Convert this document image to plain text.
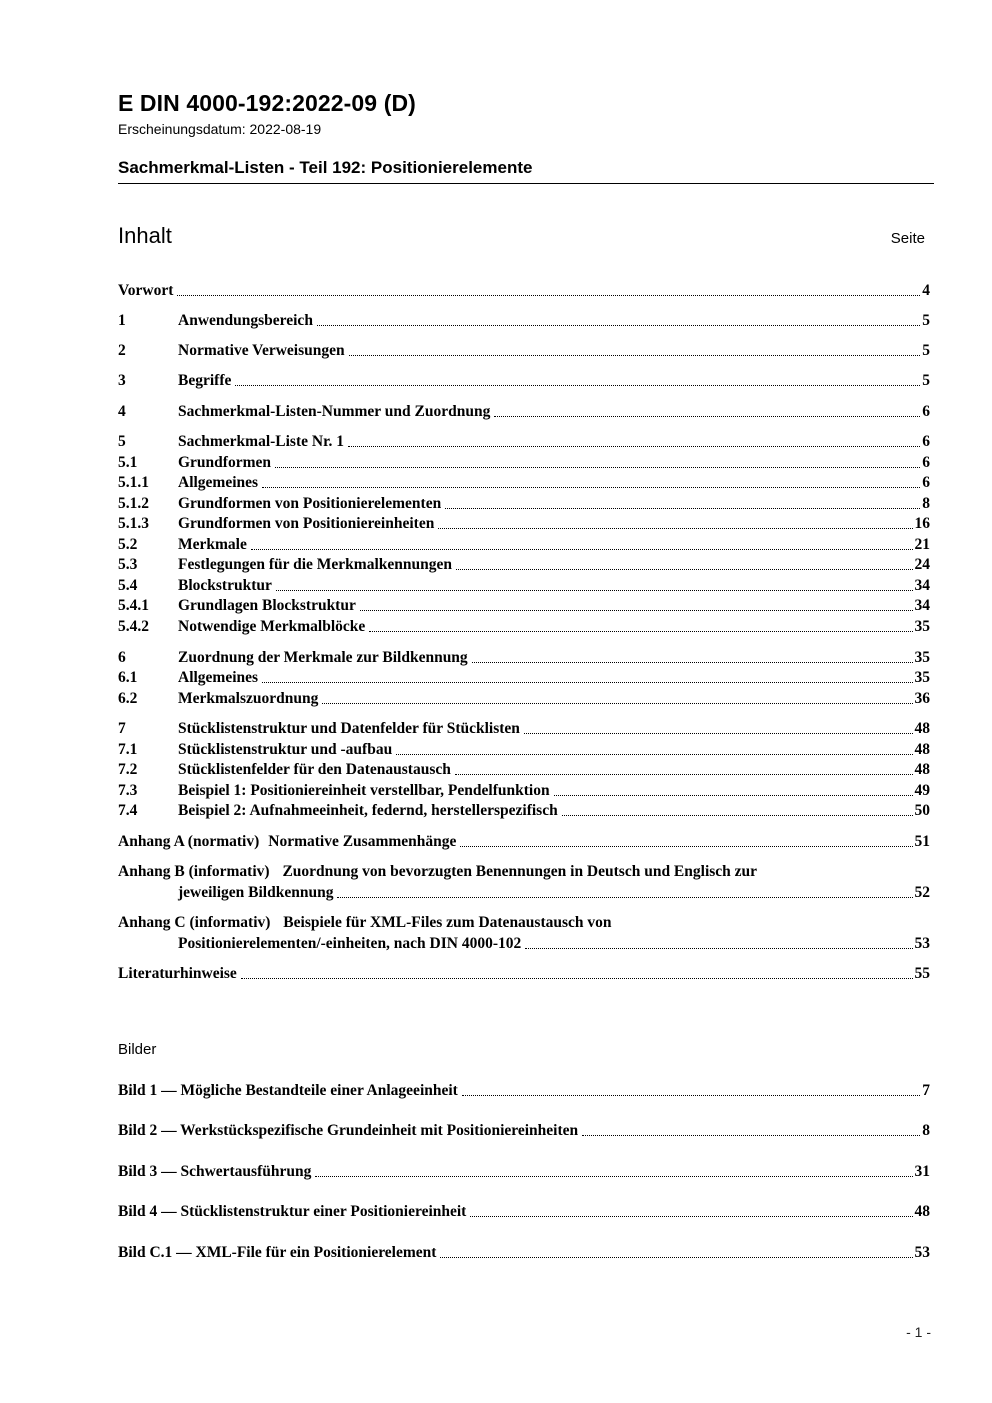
E DIN 4000-192:2022-09 (D)
Erscheinungsdatum: 2022-08-19
Sachmerkmal-Listen - Teil 192: Positionierelemente
Inhalt	Seite
Vorwort	4
1	Anwendungsbereich	5
2	Normative Verweisungen	5
3	Begriffe	5
4	Sachmerkmal-Listen-Nummer und Zuordnung	6
5	Sachmerkmal-Liste Nr. 1	6
5.1	Grundformen	6
5.1.1	Allgemeines	6
5.1.2	Grundformen von Positionierelementen	8
5.1.3	Grundformen von Positioniereinheiten	16
5.2	Merkmale	21
5.3	Festlegungen für die Merkmalkennungen	24
5.4	Blockstruktur	34
5.4.1	Grundlagen Blockstruktur	34
5.4.2	Notwendige Merkmalblöcke	35
6	Zuordnung der Merkmale zur Bildkennung	35
6.1	Allgemeines	35
6.2	Merkmalszuordnung	36
7	Stücklistenstruktur und Datenfelder für Stücklisten	48
7.1	Stücklistenstruktur und -aufbau	48
7.2	Stücklistenfelder für den Datenaustausch	48
7.3	Beispiel 1: Positioniereinheit verstellbar, Pendelfunktion	49
7.4	Beispiel 2: Aufnahmeeinheit, federnd, herstellerspezifisch	50
Anhang A (normativ) Normative Zusammenhänge	51
Anhang B (informativ) Zuordnung von bevorzugten Benennungen in Deutsch und Englisch zur
jeweiligen Bildkennung	52
Anhang C (informativ) Beispiele für XML-Files zum Datenaustausch von
Positionierelementen/-einheiten, nach DIN 4000-102	53
Literaturhinweise	55
Bilder
Bild 1 — Mögliche Bestandteile einer Anlageeinheit	7
Bild 2 — Werkstückspezifische Grundeinheit mit Positioniereinheiten	8
Bild 3 — Schwertausführung	31
Bild 4 — Stücklistenstruktur einer Positioniereinheit	48
Bild C.1 — XML-File für ein Positionierelement	53
- 1 -
